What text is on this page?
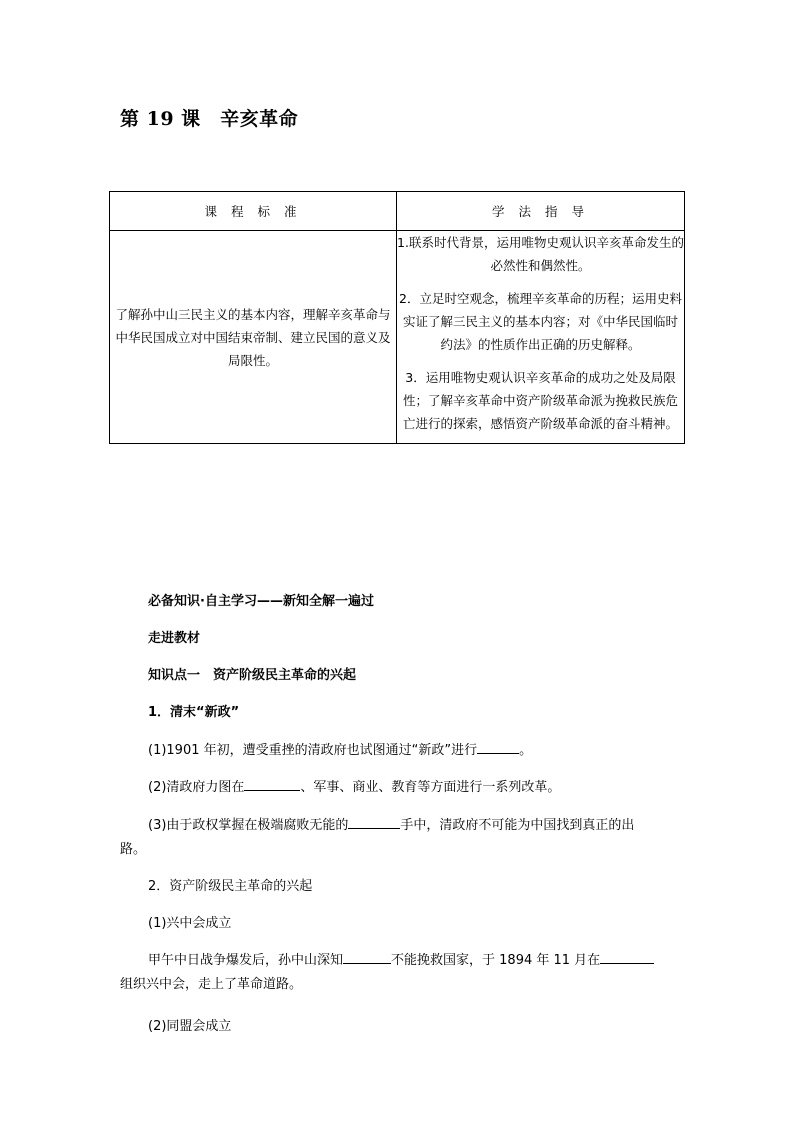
第 19 课　辛亥革命
课 程 标 准	学 法 指 导
了解孙中山三民主义的基本内容，理解辛亥革命与中华民国成立对中国结束帝制、建立民国的意义及局限性。	1.联系时代背景，运用唯物史观认识辛亥革命发生的必然性和偶然性。

2．立足时空观念，梳理辛亥革命的历程；运用史料实证了解三民主义的基本内容；对《中华民国临时约法》的性质作出正确的历史解释。

3．运用唯物史观认识辛亥革命的成功之处及局限性；了解辛亥革命中资产阶级革命派为挽救民族危亡进行的探索，感悟资产阶级革命派的奋斗精神。

必备知识·自主学习——新知全解一遍过
走进教材
知识点一　资产阶级民主革命的兴起
1．清末“新政”
(1)1901 年初，遭受重挫的清政府也试图通过“新政”进行	。
(2)清政府力图在	、军事、商业、教育等方面进行一系列改革。
(3)由于政权掌握在极端腐败无能的	手中，清政府不可能为中国找到真正的出
路。
2．资产阶级民主革命的兴起
(1)兴中会成立
甲午中日战争爆发后，孙中山深知	不能挽救国家，于 1894 年 11 月在
组织兴中会，走上了革命道路。
(2)同盟会成立
